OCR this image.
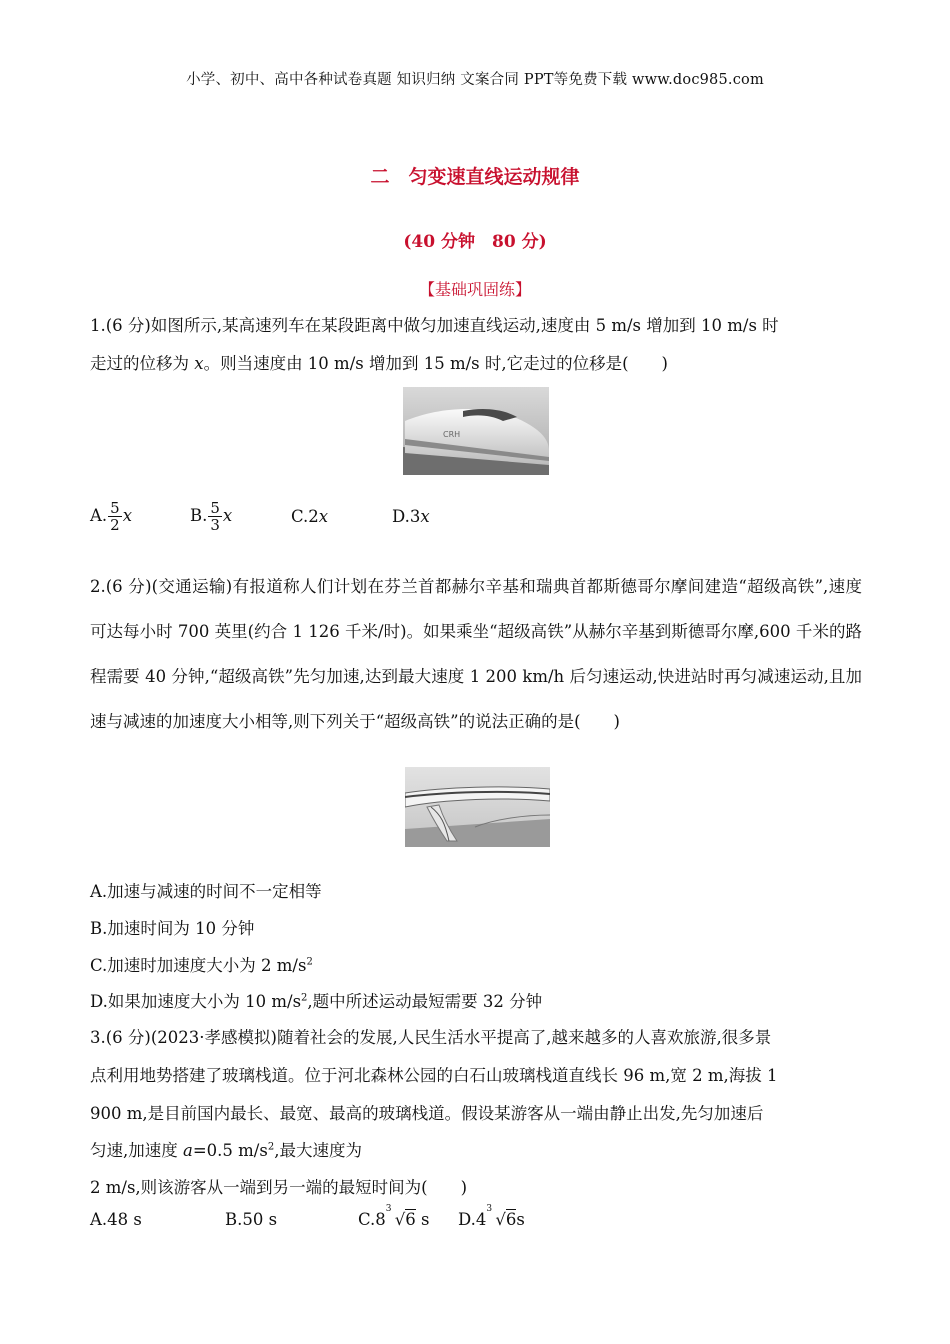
小学、初中、高中各种试卷真题 知识归纳 文案合同 PPT等免费下载 www.doc985.com
二　匀变速直线运动规律
(40 分钟　80 分)
【基础巩固练】
1.(6 分)如图所示,某高速列车在某段距离中做匀加速直线运动,速度由 5 m/s 增加到 10 m/s 时
走过的位移为 x。则当速度由 10 m/s 增加到 15 m/s 时,它走过的位移是(　　)
CRH
A. $\frac{5}{2}$ x	B. $\frac{5}{3}$ x	C.2x	D.3x
2.(6 分)(交通运输)有报道称人们计划在芬兰首都赫尔辛基和瑞典首都斯德哥尔摩间建造“超级高铁”,速度可达每小时 700 英里(约合 1 126 千米/时)。如果乘坐“超级高铁”从赫尔辛基到斯德哥尔摩,600 千米的路程需要 40 分钟,“超级高铁”先匀加速,达到最大速度 1 200 km/h 后匀速运动,快进站时再匀减速运动,且加速与减速的加速度大小相等,则下列关于“超级高铁”的说法正确的是(　　)
A.加速与减速的时间不一定相等
B.加速时间为 10 分钟
C.加速时加速度大小为 2 $m/s^2$
D.如果加速度大小为 10 $m/s^2$,题中所述运动最短需要 32 分钟
3.(6 分)(2023·孝感模拟)随着社会的发展,人民生活水平提高了,越来越多的人喜欢旅游,很多景
点利用地势搭建了玻璃栈道。位于河北森林公园的白石山玻璃栈道直线长 96 m,宽 2 m,海拔 1
900 m,是目前国内最长、最宽、最高的玻璃栈道。假设某游客从一端由静止出发,先匀加速后
匀速,加速度 a=0.5 $m/s^2$,最大速度为
2 m/s,则该游客从一端到另一端的最短时间为(　　)
A.48 s	B.50 s	C.8
3
√6 s D.4
3
√6s
